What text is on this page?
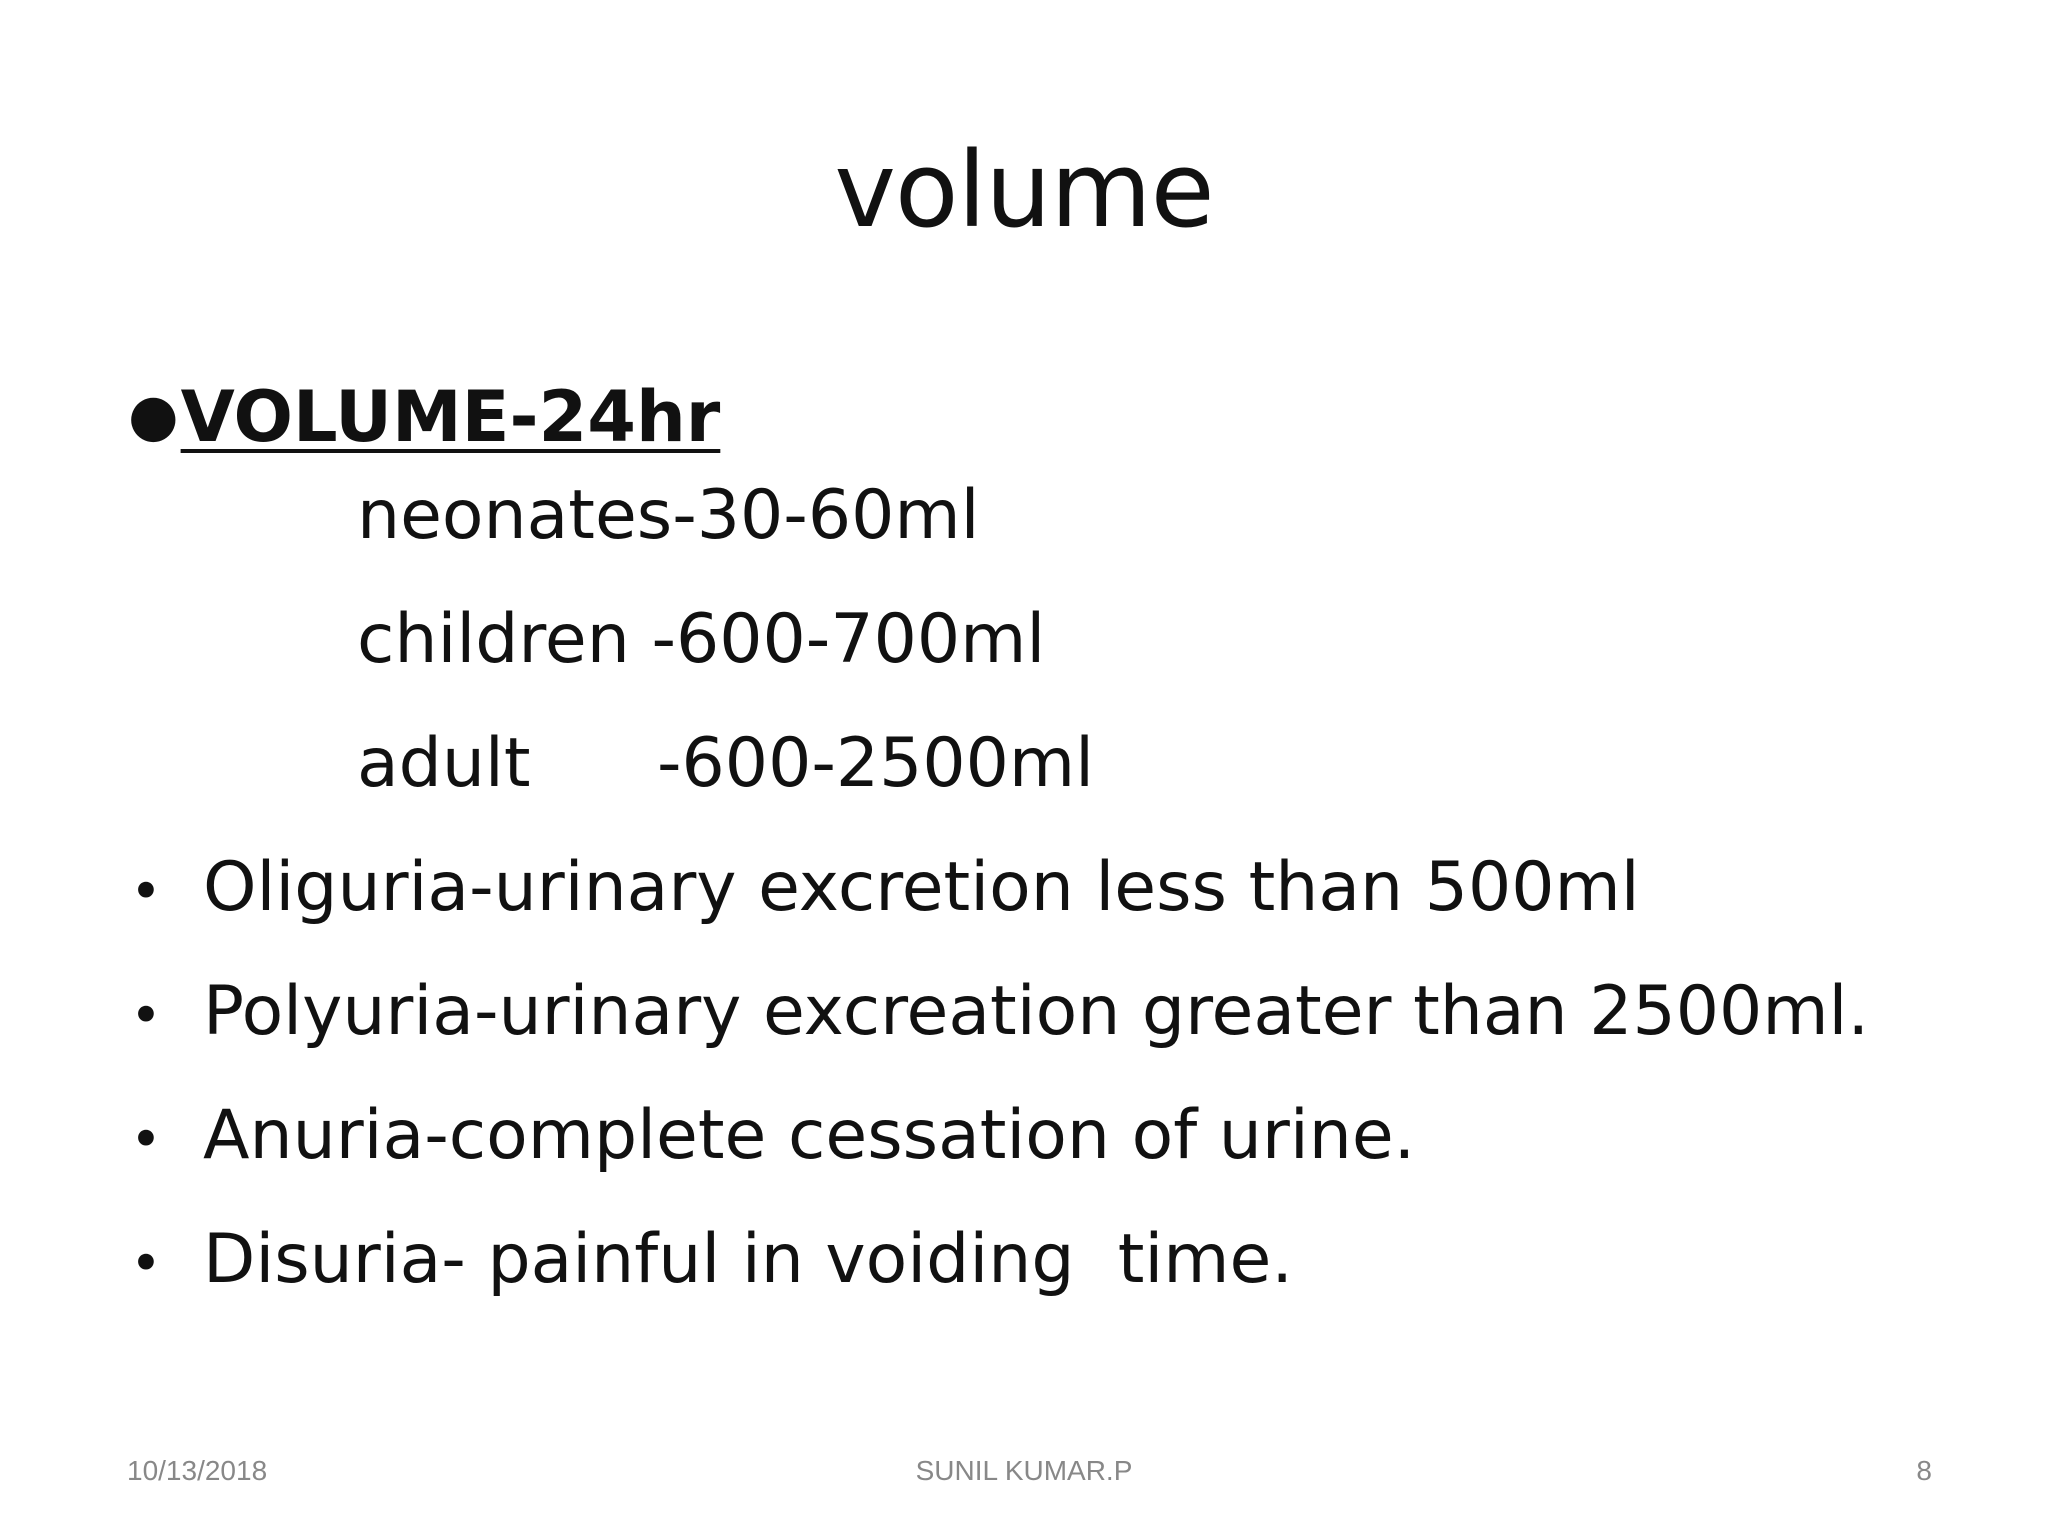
volume
●VOLUME-24hr
neonates-30-60ml
children -600-700ml
adult -600-2500ml
• Oliguria-urinary excretion less than 500ml
• Polyuria-urinary excreation greater than 2500ml.
• Anuria-complete cessation of urine.
• Disuria- painful in voiding  time.
10/13/2018	SUNIL KUMAR.P	8
